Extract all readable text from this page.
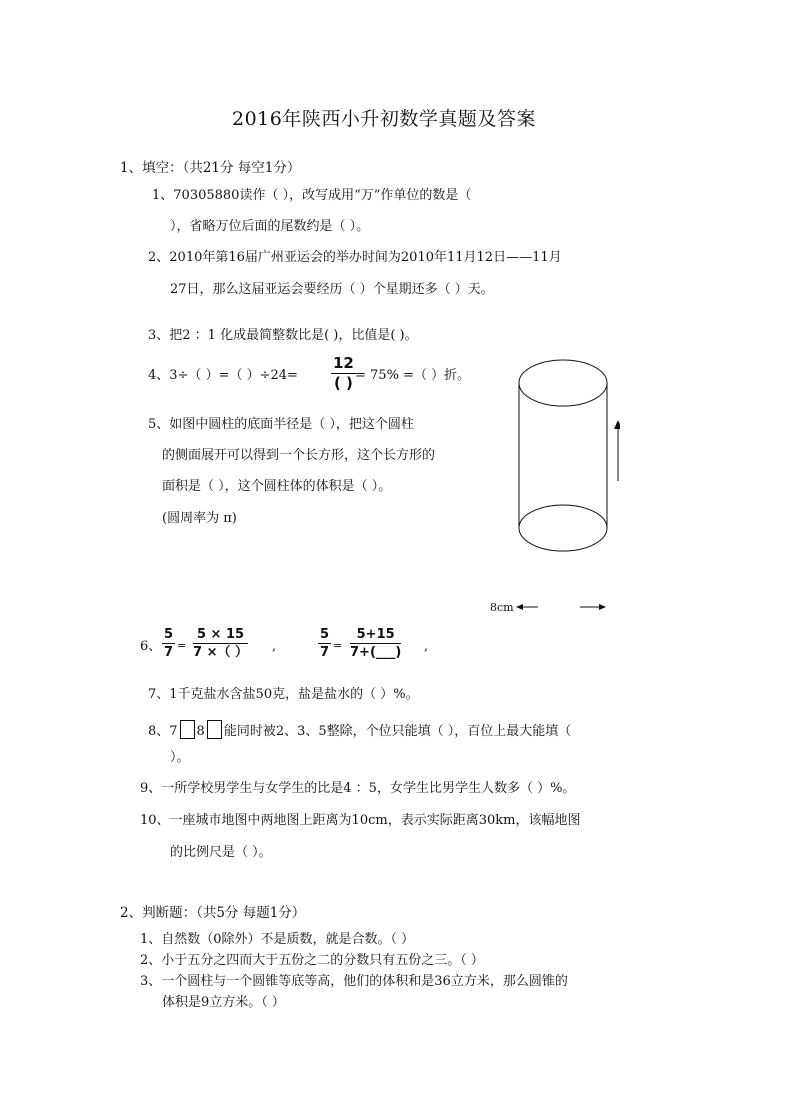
2016年陕西小升初数学真题及答案
1、填空：（共21分 每空1分）
1、70305880读作（ ），改写成用“万”作单位的数是（
），省略万位后面的尾数约是（ ）。
2、2010年第16届广州亚运会的举办时间为2010年11月12日——11月
27日，那么这届亚运会要经历（ ）个星期还多（ ）天。
3、把2 ：1 化成最简整数比是( )，比值是( )。
4、3÷（ ）=（ ）÷24=
12
( ) = 75% =（ ）折。
5、如图中圆柱的底面半径是（ ），把这个圆柱
的侧面展开可以得到一个长方形，这个长方形的
面积是（ ），这个圆柱体的体积是（ ）。
(圆周率为 π)
8cm
6、 $\frac{5}{7} = \frac{5 \times 15}{7 \times( )}$ ,	$\frac{5}{7} = \frac{5+15}{7+(\_\_\_)}$ ,
7、1千克盐水含盐50克，盐是盐水的（ ）%。
8、7 8 能同时被2、3、5整除，个位只能填（ ），百位上最大能填（
）。
9、一所学校男学生与女学生的比是4 ：5，女学生比男学生人数多（ ）%。
10、一座城市地图中两地图上距离为10cm，表示实际距离30km，该幅地图
的比例尺是（ ）。
2、判断题：（共5分 每题1分）
1、自然数（0除外）不是质数，就是合数。（ ）
2、小于五分之四而大于五份之二的分数只有五份之三。（ ）
3、一个圆柱与一个圆锥等底等高，他们的体积和是36立方米，那么圆锥的
体积是9立方米。（ ）
